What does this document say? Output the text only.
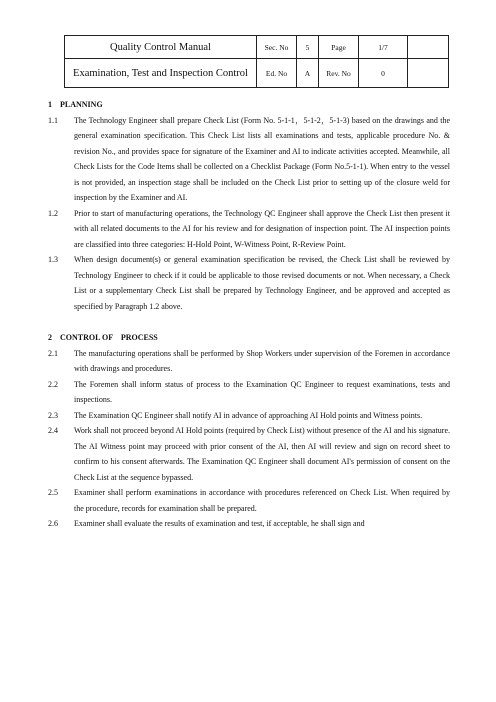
Quality Control Manual	Sec. No	5	Page	1/7	
Examination, Test and Inspection Control	Ed. No	A	Rev. No	0	

1    PLANNING

1.1 The Technology Engineer shall prepare Check List (Form No. 5-1-1，5-1-2，5-1-3) based on the drawings and the general examination specification. This Check List lists all examinations and tests, applicable procedure No. & revision No., and provides space for signature of the Examiner and AI to indicate activities accepted. Meanwhile, all Check Lists for the Code Items shall be collected on a Checklist Package (Form No.5-1-1). When entry to the vessel is not provided, an inspection stage shall be included on the Check List prior to setting up of the closure weld for inspection by the Examiner and AI.

1.2 Prior to start of manufacturing operations, the Technology QC Engineer shall approve the Check List then present it with all related documents to the AI for his review and for designation of inspection point. The AI inspection points are classified into three categories: H-Hold Point, W-Witness Point, R-Review Point.

1.3 When design document(s) or general examination specification be revised, the Check List shall be reviewed by Technology Engineer to check if it could be applicable to those revised documents or not. When necessary, a Check List or a supplementary Check List shall be prepared by Technology Engineer, and be approved and accepted as specified by Paragraph 1.2 above.

2    CONTROL OF    PROCESS

2.1 The manufacturing operations shall be performed by Shop Workers under supervision of the Foremen in accordance with drawings and procedures.

2.2 The Foremen shall inform status of process to the Examination QC Engineer to request examinations, tests and inspections.

2.3 The Examination QC Engineer shall notify AI in advance of approaching AI Hold points and Witness points.

2.4 Work shall not proceed beyond AI Hold points (required by Check List) without presence of the AI and his signature. The AI Witness point may proceed with prior consent of the AI, then AI will review and sign on record sheet to confirm to his consent afterwards. The Examination QC Engineer shall document AI's permission of consent on the Check List at the sequence bypassed.

2.5 Examiner shall perform examinations in accordance with procedures referenced on Check List. When required by the procedure, records for examination shall be prepared.

2.6 Examiner shall evaluate the results of examination and test, if acceptable, he shall sign and
